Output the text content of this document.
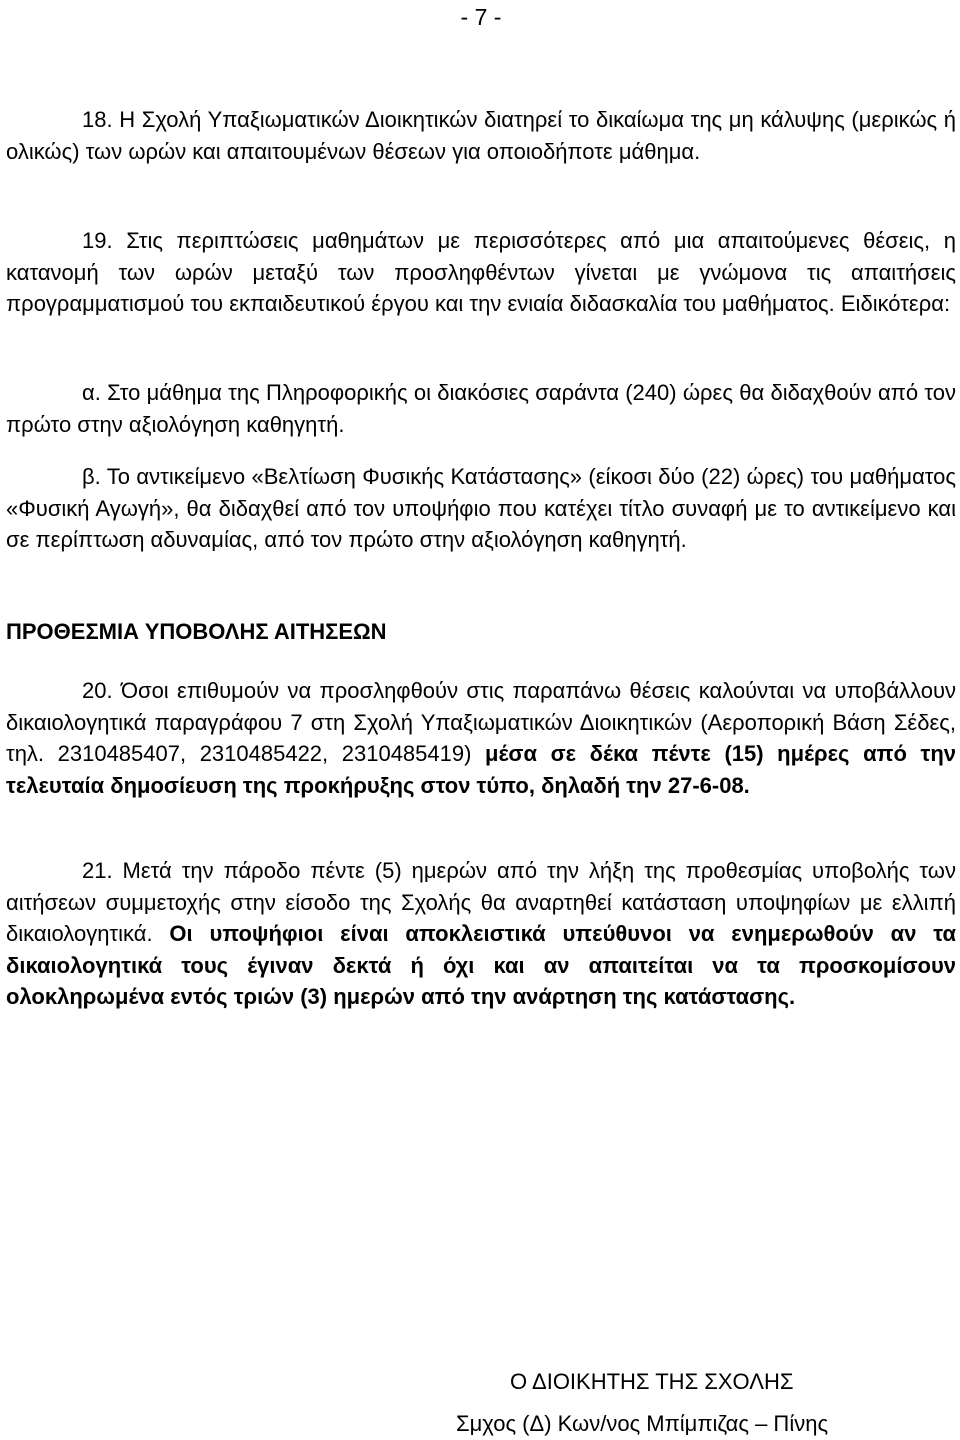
- 7 -

18. Η Σχολή Υπαξιωματικών Διοικητικών διατηρεί το δικαίωμα της μη κάλυψης (μερικώς ή ολικώς) των ωρών και απαιτουμένων θέσεων για οποιοδήποτε μάθημα.

19. Στις περιπτώσεις μαθημάτων με περισσότερες από μια απαιτούμενες θέσεις, η κατανομή των ωρών μεταξύ των προσληφθέντων γίνεται με γνώμονα τις απαιτήσεις προγραμματισμού του εκπαιδευτικού έργου και την ενιαία διδασκαλία του μαθήματος. Ειδικότερα:

α. Στο μάθημα της Πληροφορικής οι διακόσιες σαράντα (240) ώρες θα διδαχθούν από τον πρώτο στην αξιολόγηση καθηγητή.

β. Το αντικείμενο «Βελτίωση Φυσικής Κατάστασης» (είκοσι δύο (22) ώρες) του μαθήματος «Φυσική Αγωγή», θα διδαχθεί από τον υποψήφιο που κατέχει τίτλο συναφή με το αντικείμενο και σε περίπτωση αδυναμίας, από τον πρώτο στην αξιολόγηση καθηγητή.

ΠΡΟΘΕΣΜΙΑ ΥΠΟΒΟΛΗΣ ΑΙΤΗΣΕΩΝ

20. Όσοι επιθυμούν να προσληφθούν στις παραπάνω θέσεις καλούνται να υποβάλλουν δικαιολογητικά παραγράφου 7 στη Σχολή Υπαξιωματικών Διοικητικών (Αεροπορική Βάση Σέδες, τηλ. 2310485407, 2310485422, 2310485419) μέσα σε δέκα πέντε (15) ημέρες από την τελευταία δημοσίευση της προκήρυξης στον τύπο, δηλαδή την 27-6-08.

21. Μετά την πάροδο πέντε (5) ημερών από την λήξη της προθεσμίας υποβολής των αιτήσεων συμμετοχής στην είσοδο της Σχολής θα αναρτηθεί κατάσταση υποψηφίων με ελλιπή δικαιολογητικά. Οι υποψήφιοι είναι αποκλειστικά υπεύθυνοι να ενημερωθούν αν τα δικαιολογητικά τους έγιναν δεκτά ή όχι και αν απαιτείται να τα προσκομίσουν ολοκληρωμένα εντός τριών (3) ημερών από την ανάρτηση της κατάστασης.

Ο ΔΙΟΙΚΗΤΗΣ ΤΗΣ ΣΧΟΛΗΣ
Σμχος (Δ) Κων/νος Μπίμπιζας – Πίνης
